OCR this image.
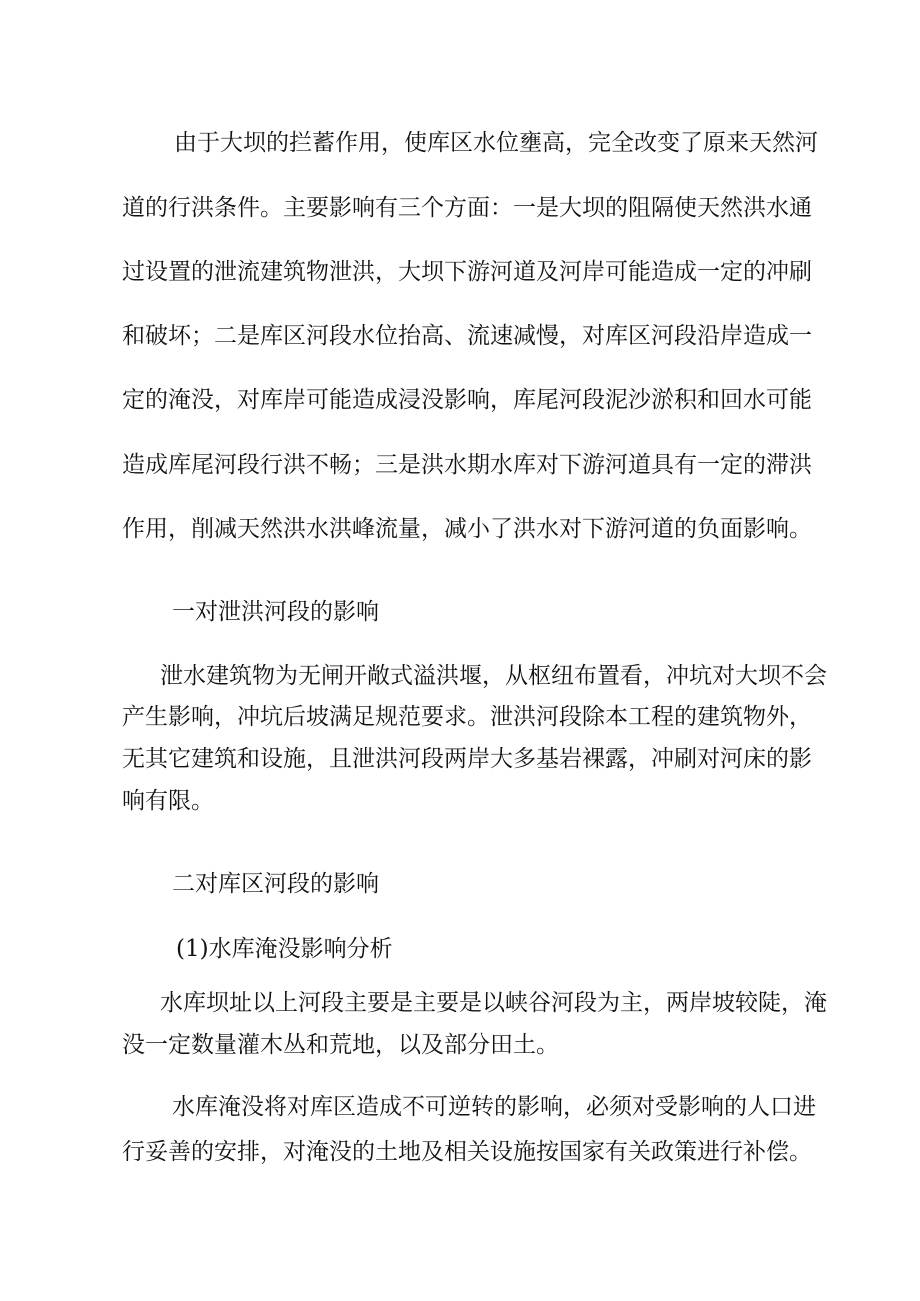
由于大坝的拦蓄作用，使库区水位壅高，完全改变了原来天然河
道的行洪条件。主要影响有三个方面：一是大坝的阻隔使天然洪水通
过设置的泄流建筑物泄洪，大坝下游河道及河岸可能造成一定的冲刷
和破坏；二是库区河段水位抬高、流速减慢，对库区河段沿岸造成一
定的淹没，对库岸可能造成浸没影响，库尾河段泥沙淤积和回水可能
造成库尾河段行洪不畅；三是洪水期水库对下游河道具有一定的滞洪
作用，削减天然洪水洪峰流量，减小了洪水对下游河道的负面影响。
一对泄洪河段的影响
泄水建筑物为无闸开敞式溢洪堰，从枢纽布置看，冲坑对大坝不会
产生影响，冲坑后坡满足规范要求。泄洪河段除本工程的建筑物外，
无其它建筑和设施，且泄洪河段两岸大多基岩裸露，冲刷对河床的影
响有限。
二对库区河段的影响
(1)水库淹没影响分析
水库坝址以上河段主要是主要是以峡谷河段为主，两岸坡较陡，淹
没一定数量灌木丛和荒地，以及部分田土。
水库淹没将对库区造成不可逆转的影响，必须对受影响的人口进
行妥善的安排，对淹没的土地及相关设施按国家有关政策进行补偿。
